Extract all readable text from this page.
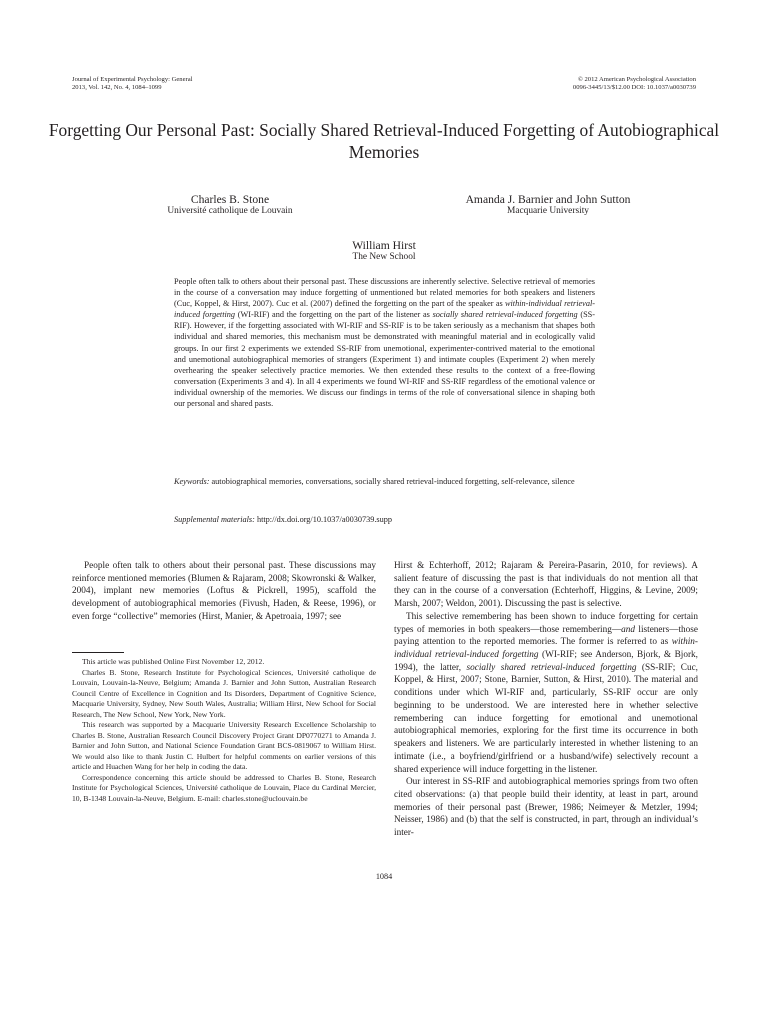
Journal of Experimental Psychology: General
2013, Vol. 142, No. 4, 1084–1099
© 2012 American Psychological Association
0096-3445/13/$12.00 DOI: 10.1037/a0030739
Forgetting Our Personal Past: Socially Shared Retrieval-Induced Forgetting of Autobiographical Memories
Charles B. Stone
Université catholique de Louvain
Amanda J. Barnier and John Sutton
Macquarie University
William Hirst
The New School

People often talk to others about their personal past. These discussions are inherently selective. Selective retrieval of memories in the course of a conversation may induce forgetting of unmentioned but related memories for both speakers and listeners (Cuc, Koppel, & Hirst, 2007). Cuc et al. (2007) defined the forgetting on the part of the speaker as within-individual retrieval-induced forgetting (WI-RIF) and the forgetting on the part of the listener as socially shared retrieval-induced forgetting (SS-RIF). However, if the forgetting associated with WI-RIF and SS-RIF is to be taken seriously as a mechanism that shapes both individual and shared memories, this mechanism must be demonstrated with meaningful material and in ecologically valid groups. In our first 2 experiments we extended SS-RIF from unemotional, experimenter-contrived material to the emotional and unemotional autobiographical memories of strangers (Experiment 1) and intimate couples (Experiment 2) when merely overhearing the speaker selectively practice memories. We then extended these results to the context of a free-flowing conversation (Experiments 3 and 4). In all 4 experiments we found WI-RIF and SS-RIF regardless of the emotional valence or individual ownership of the memories. We discuss our findings in terms of the role of conversational silence in shaping both our personal and shared pasts.

Keywords: autobiographical memories, conversations, socially shared retrieval-induced forgetting, self-relevance, silence

Supplemental materials: http://dx.doi.org/10.1037/a0030739.supp

People often talk to others about their personal past. These discussions may reinforce mentioned memories (Blumen & Rajaram, 2008; Skowronski & Walker, 2004), implant new memories (Loftus & Pickrell, 1995), scaffold the development of autobiographical memories (Fivush, Haden, & Reese, 1996), or even forge “collective” memories (Hirst, Manier, & Apetroaia, 1997; see

This article was published Online First November 12, 2012.

Charles B. Stone, Research Institute for Psychological Sciences, Université catholique de Louvain, Louvain-la-Neuve, Belgium; Amanda J. Barnier and John Sutton, Australian Research Council Centre of Excellence in Cognition and Its Disorders, Department of Cognitive Science, Macquarie University, Sydney, New South Wales, Australia; William Hirst, New School for Social Research, The New School, New York, New York.

This research was supported by a Macquarie University Research Excellence Scholarship to Charles B. Stone, Australian Research Council Discovery Project Grant DP0770271 to Amanda J. Barnier and John Sutton, and National Science Foundation Grant BCS-0819067 to William Hirst. We would also like to thank Justin C. Hulbert for helpful comments on earlier versions of this article and Huachen Wang for her help in coding the data.

Correspondence concerning this article should be addressed to Charles B. Stone, Research Institute for Psychological Sciences, Université catholique de Louvain, Place du Cardinal Mercier, 10, B-1348 Louvain-la-Neuve, Belgium. E-mail: charles.stone@uclouvain.be

Hirst & Echterhoff, 2012; Rajaram & Pereira-Pasarin, 2010, for reviews). A salient feature of discussing the past is that individuals do not mention all that they can in the course of a conversation (Echterhoff, Higgins, & Levine, 2009; Marsh, 2007; Weldon, 2001). Discussing the past is selective.

This selective remembering has been shown to induce forgetting for certain types of memories in both speakers—those remembering—and listeners—those paying attention to the reported memories. The former is referred to as within-individual retrieval-induced forgetting (WI-RIF; see Anderson, Bjork, & Bjork, 1994), the latter, socially shared retrieval-induced forgetting (SS-RIF; Cuc, Koppel, & Hirst, 2007; Stone, Barnier, Sutton, & Hirst, 2010). The material and conditions under which WI-RIF and, particularly, SS-RIF occur are only beginning to be understood. We are interested here in whether selective remembering can induce forgetting for emotional and unemotional autobiographical memories, exploring for the first time its occurrence in both speakers and listeners. We are particularly interested in whether listening to an intimate (i.e., a boyfriend/girlfriend or a husband/wife) selectively recount a shared experience will induce forgetting in the listener.

Our interest in SS-RIF and autobiographical memories springs from two often cited observations: (a) that people build their identity, at least in part, around memories of their personal past (Brewer, 1986; Neimeyer & Metzler, 1994; Neisser, 1986) and (b) that the self is constructed, in part, through an individual’s inter-

1084
